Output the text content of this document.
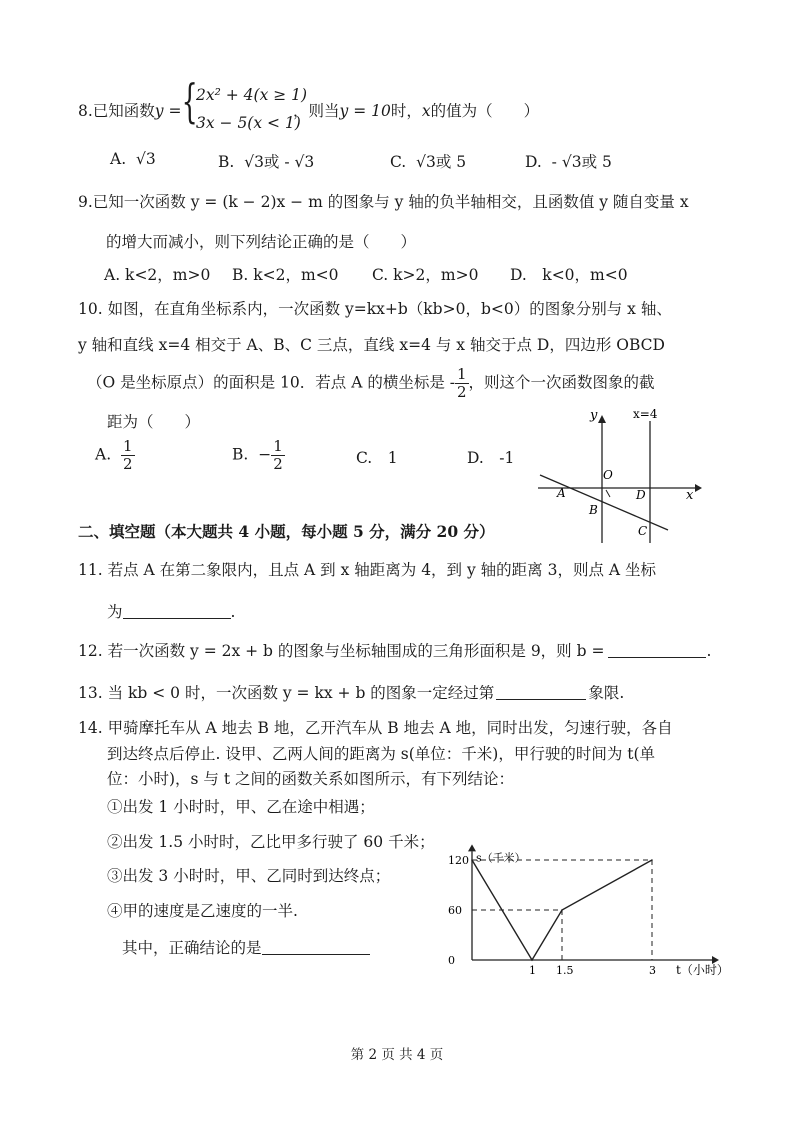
8.已知函数y = {
2x² + 4(x ≥ 1)
3x − 5(x < 1)
，则当y = 10时，x的值为（　　）
A. √3	B. √3或 - √3	C. √3或 5	D. - √3或 5
9.已知一次函数 y = (k − 2)x − m 的图象与 y 轴的负半轴相交，且函数值 y 随自变量 x
的增大而减小，则下列结论正确的是（　　）
A. k<2，m>0 B. k<2，m<0 C. k>2，m>0 D.　k<0，m<0
10. 如图，在直角坐标系内，一次函数 y=kx+b（kb>0，b<0）的图象分别与 x 轴、
y 轴和直线 x=4 相交于 A、B、C 三点，直线 x=4 与 x 轴交于点 D，四边形 OBCD
（O 是坐标原点）的面积是 10．若点 A 的横坐标是 - $\frac{1}{2}$ ，则这个一次函数图象的截
距为（　　）
A. $\frac{1}{2}$	B. − $\frac{1}{2}$	C.　1	D.　-1
y	x=4
O
A
B
D
C
x
二、填空题（本大题共 4 小题，每小题 5 分，满分 20 分）
11. 若点 A 在第二象限内，且点 A 到 x 轴距离为 4，到 y 轴的距离 3，则点 A 坐标
为	.
12. 若一次函数 y = 2x + b 的图象与坐标轴围成的三角形面积是 9，则 b =	.
13. 当 kb < 0 时，一次函数 y = kx + b 的图象一定经过第	象限.
14. 甲骑摩托车从 A 地去 B 地，乙开汽车从 B 地去 A 地，同时出发，匀速行驶，各自
到达终点后停止. 设甲、乙两人间的距离为 s(单位：千米)，甲行驶的时间为 t(单
位：小时)，s 与 t 之间的函数关系如图所示，有下列结论：
①出发 1 小时时，甲、乙在途中相遇；
②出发 1.5 小时时，乙比甲多行驶了 60 千米；
③出发 3 小时时，甲、乙同时到达终点；
④甲的速度是乙速度的一半.
其中，正确结论的是
s（千米）
t（小时）
0
60
120
1 1.5	3
第 2 页 共 4 页
